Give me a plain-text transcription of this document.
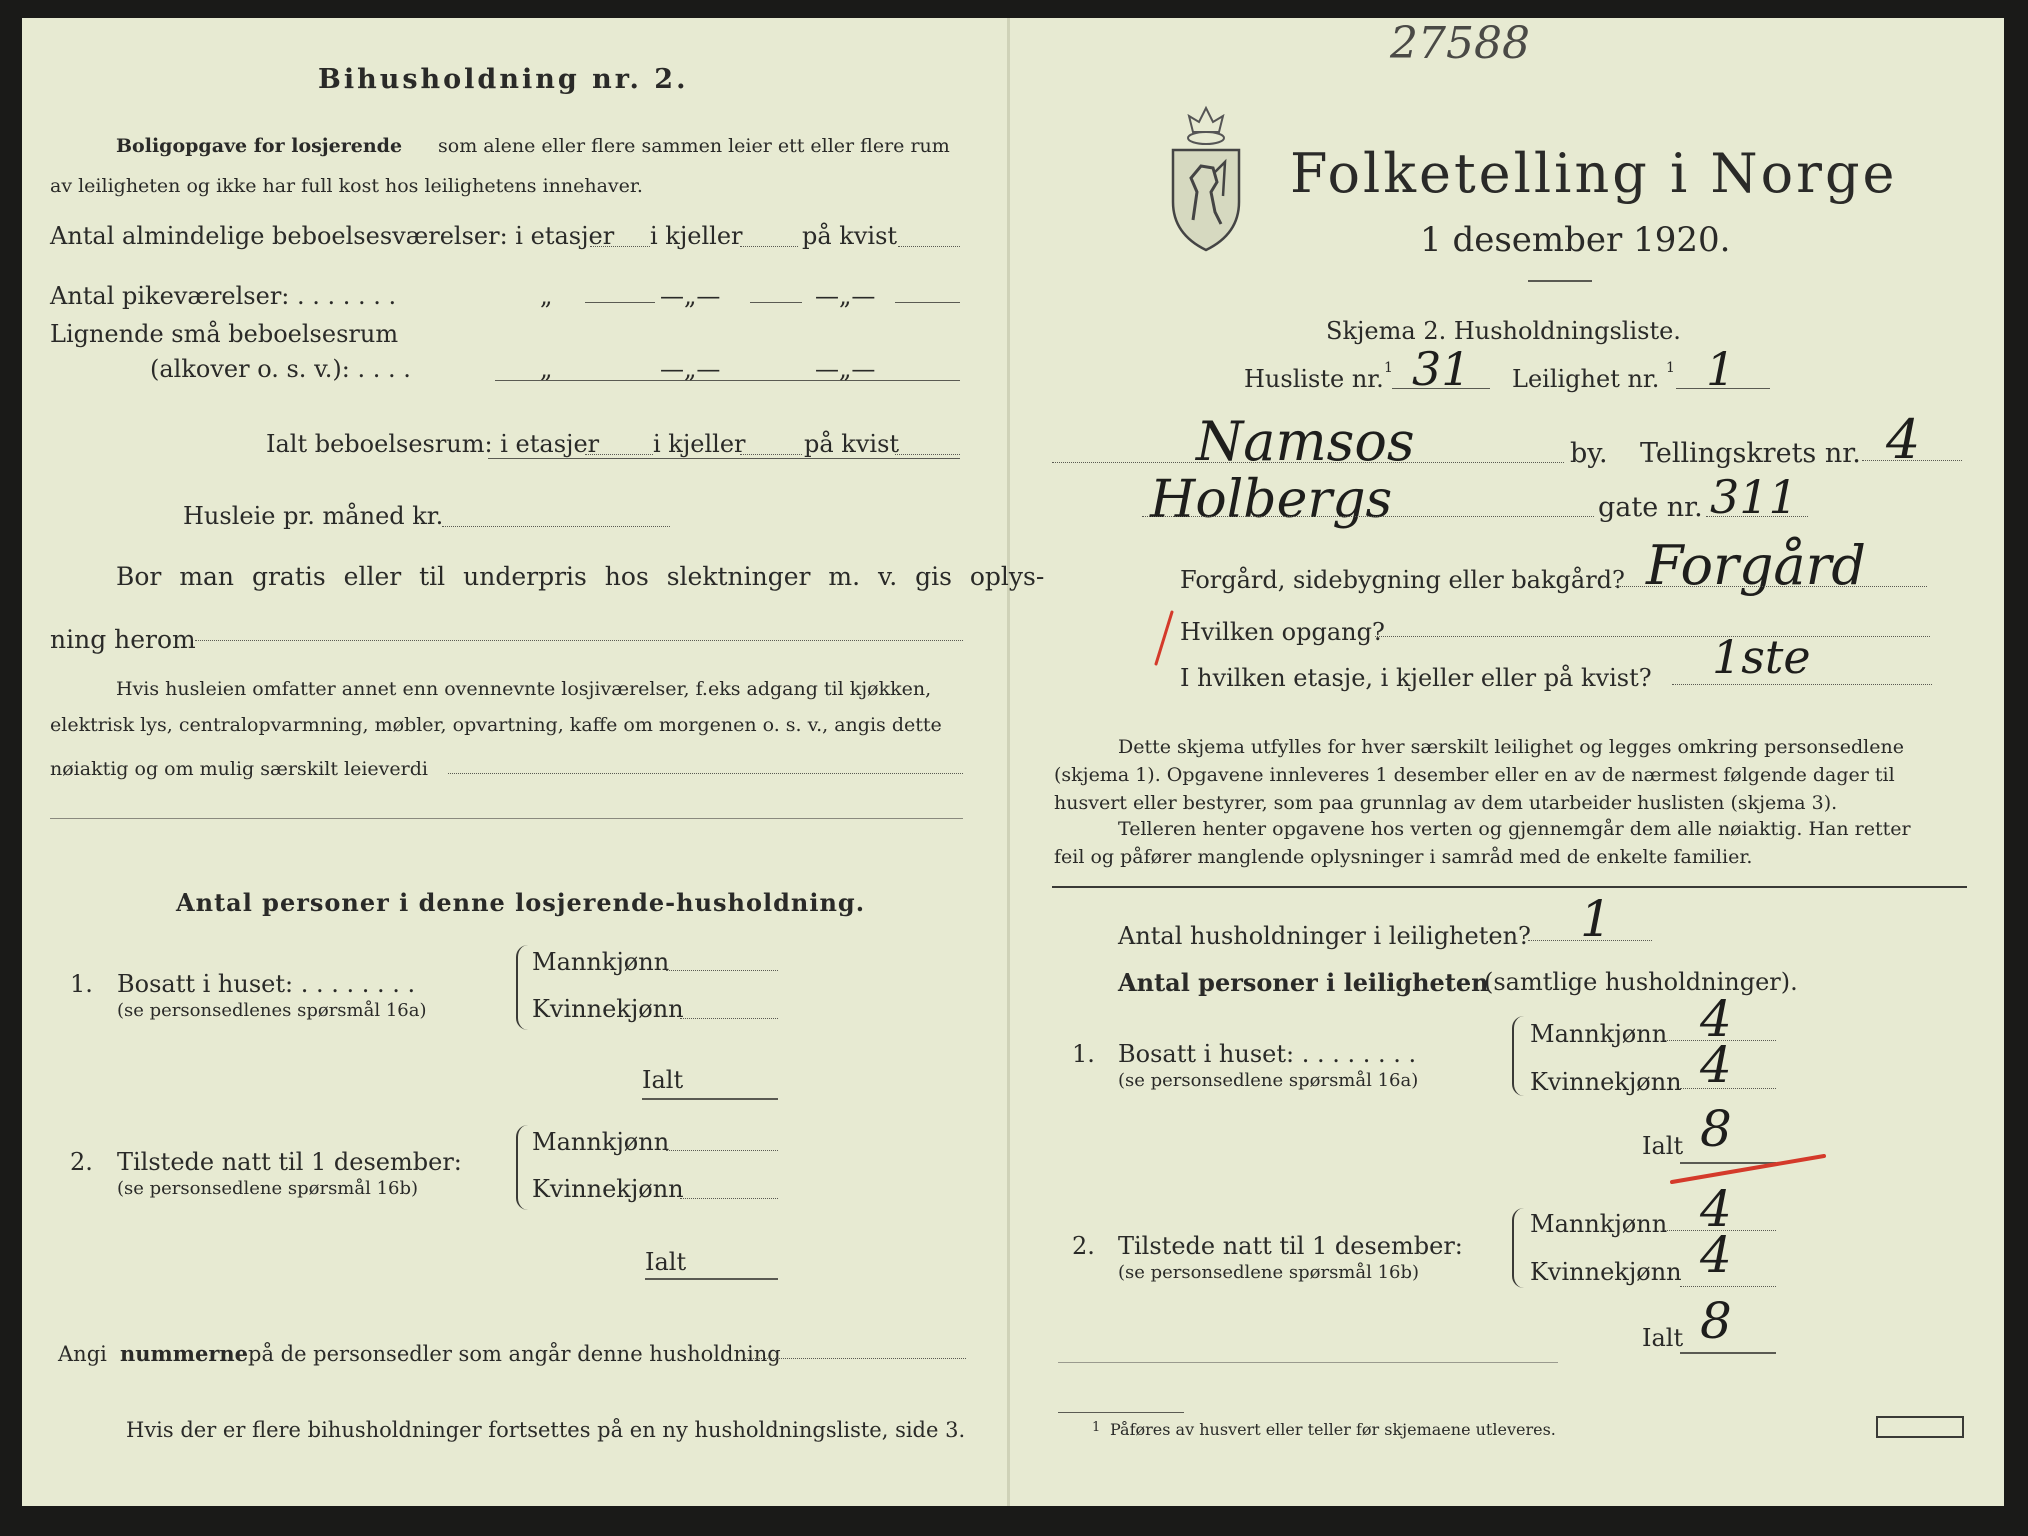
Bihusholdning nr. 2.
Boligopgave for losjerende som alene eller flere sammen leier ett eller flere rum
av leiligheten og ikke har full kost hos leilighetens innehaver.
Antal almindelige beboelsesværelser: i etasjer i kjeller på kvist
Antal pikeværelser: . . . . . . .	„	—„—	—„—
Lignende små beboelsesrum
(alkover o. s. v.): . . . .	„	—„—	—„—
Ialt beboelsesrum: i etasjer i kjeller på kvist
Husleie pr. måned kr.
Bor man gratis eller til underpris hos slektninger m. v. gis oplys-
ning herom
Hvis husleien omfatter annet enn ovennevnte losjiværelser, f.eks adgang til kjøkken,
elektrisk lys, centralopvarmning, møbler, opvartning, kaffe om morgenen o. s. v., angis dette
nøiaktig og om mulig særskilt leieverdi
Antal personer i denne losjerende-husholdning.
1. Bosatt i huset: . . . . . . . .
(se personsedlenes spørsmål 16a)
Mannkjønn
Kvinnekjønn
Ialt
2. Tilstede natt til 1 desember:
(se personsedlene spørsmål 16b)
Mannkjønn
Kvinnekjønn
Ialt
Angi nummerne på de personsedler som angår denne husholdning
Hvis der er flere bihusholdninger fortsettes på en ny husholdningsliste, side 3.
27588
Folketelling i Norge
1 desember 1920.
Skjema 2. Husholdningsliste.
Husliste nr. 1 31 Leilighet nr. 1 1
Namsos	by. Tellingskrets nr. 4
Holbergs	gate nr. 311
Forgård, sidebygning eller bakgård? Forgård
Hvilken opgang?
I hvilken etasje, i kjeller eller på kvist? 1ste
Dette skjema utfylles for hver særskilt leilighet og legges omkring personsedlene
(skjema 1). Opgavene innleveres 1 desember eller en av de nærmest følgende dager til
husvert eller bestyrer, som paa grunnlag av dem utarbeider huslisten (skjema 3).
Telleren henter opgavene hos verten og gjennemgår dem alle nøiaktig. Han retter
feil og påfører manglende oplysninger i samråd med de enkelte familier.
Antal husholdninger i leiligheten? 1
Antal personer i leiligheten
(samtlige husholdninger).
1. Bosatt i huset: . . . . . . . .
(se personsedlene spørsmål 16a)
Mannkjønn 4
Kvinnekjønn 4
Ialt 8
2. Tilstede natt til 1 desember:
(se personsedlene spørsmål 16b)
Mannkjønn 4
Kvinnekjønn 4
Ialt 8
1 Påføres av husvert eller teller før skjemaene utleveres.
